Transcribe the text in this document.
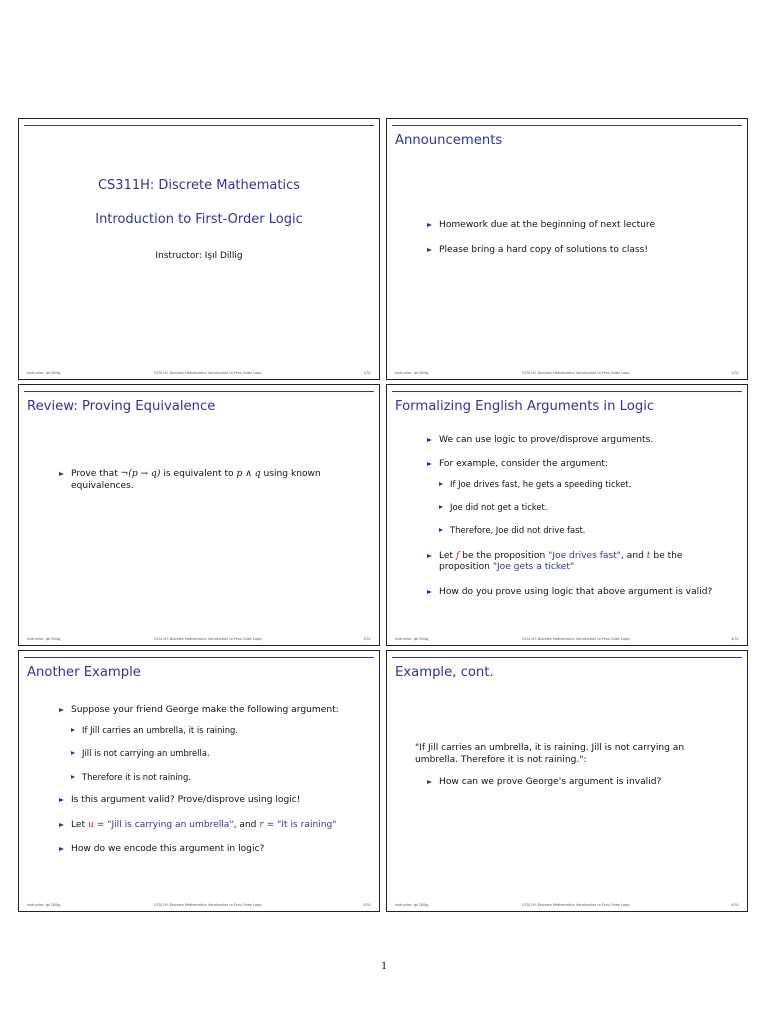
CS311H: Discrete Mathematics
Introduction to First-Order Logic
Instructor: Işıl Dillig
Instructor: Işıl Dillig,	CS311H: Discrete Mathematics Introduction to First-Order Logic	1/31
Announcements
Homework due at the beginning of next lecture
Please bring a hard copy of solutions to class!
Instructor: Işıl Dillig,	CS311H: Discrete Mathematics Introduction to First-Order Logic	2/31
Review: Proving Equivalence
Prove that ¬(p → q) is equivalent to p ∧ q using known equivalences.
Instructor: Işıl Dillig,	CS311H: Discrete Mathematics Introduction to First-Order Logic	3/31
Formalizing English Arguments in Logic
We can use logic to prove/disprove arguments.
For example, consider the argument:
If Joe drives fast, he gets a speeding ticket.
Joe did not get a ticket.
Therefore, Joe did not drive fast.
Let f be the proposition "Joe drives fast", and t be the proposition "Joe gets a ticket"
How do you prove using logic that above argument is valid?
Instructor: Işıl Dillig,	CS311H: Discrete Mathematics Introduction to First-Order Logic	4/31
Another Example
Suppose your friend George make the following argument:
If Jill carries an umbrella, it is raining.
Jill is not carrying an umbrella.
Therefore it is not raining.
Is this argument valid? Prove/disprove using logic!
Let u = "Jill is carrying an umbrella", and r = "It is raining"
How do we encode this argument in logic?
Instructor: Işıl Dillig,	CS311H: Discrete Mathematics Introduction to First-Order Logic	5/31
Example, cont.
"If Jill carries an umbrella, it is raining. Jill is not carrying an umbrella. Therefore it is not raining.":
How can we prove George's argument is invalid?
Instructor: Işıl Dillig,	CS311H: Discrete Mathematics Introduction to First-Order Logic	6/31
1
